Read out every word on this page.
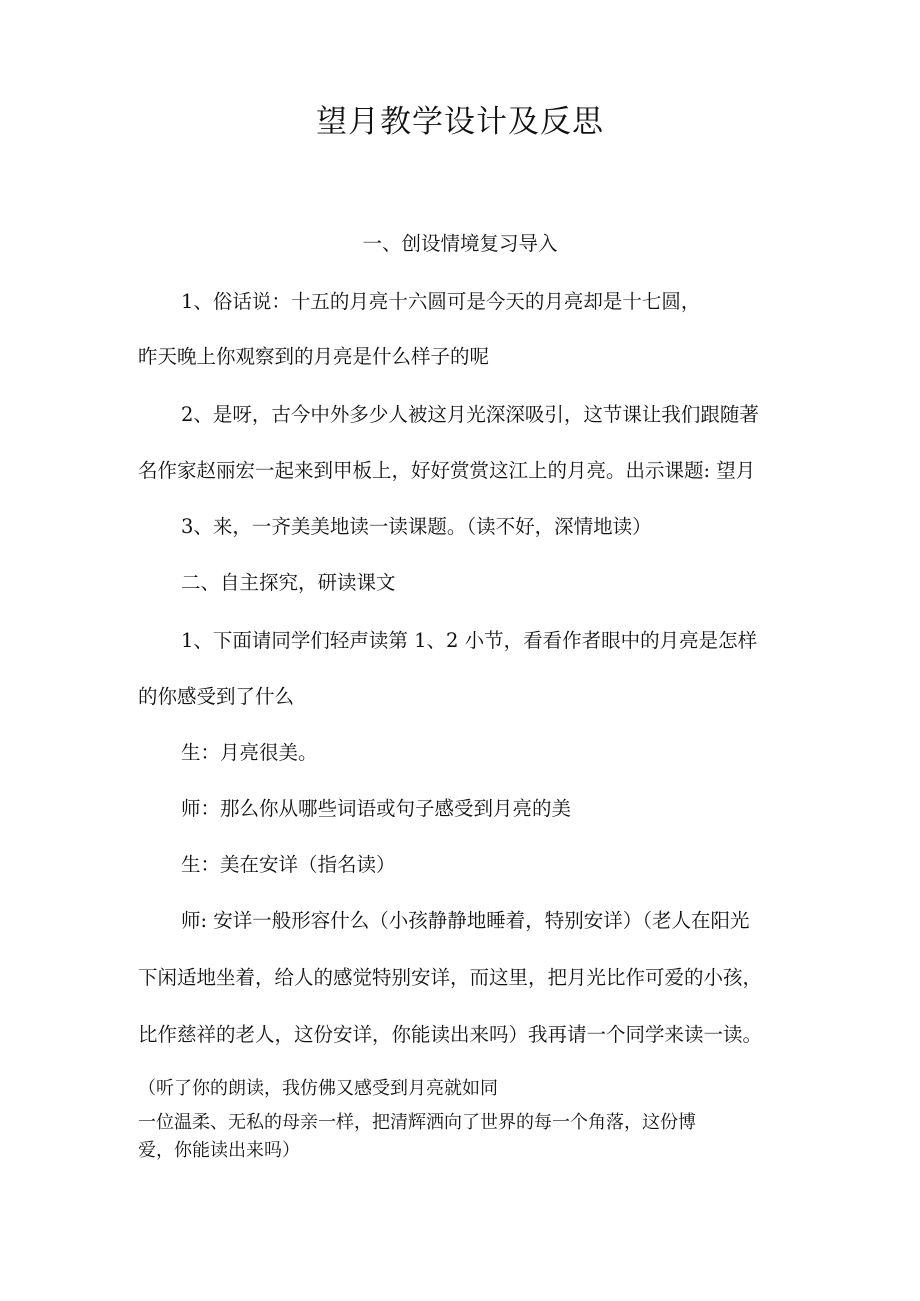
望月教学设计及反思

一、创设情境复习导入

1、俗话说：十五的月亮十六圆可是今天的月亮却是十七圆，

昨天晚上你观察到的月亮是什么样子的呢

2、是呀，古今中外多少人被这月光深深吸引，这节课让我们跟随著

名作家赵丽宏一起来到甲板上，好好赏赏这江上的月亮。出示课题: 望月

3、来，一齐美美地读一读课题。（读不好，深情地读）

二、自主探究，研读课文

1、下面请同学们轻声读第 1、2 小节，看看作者眼中的月亮是怎样

的你感受到了什么

生：月亮很美。

师：那么你从哪些词语或句子感受到月亮的美

生：美在安详（指名读）

师: 安详一般形容什么（小孩静静地睡着，特别安详）（老人在阳光

下闲适地坐着，给人的感觉特别安详，而这里，把月光比作可爱的小孩，

比作慈祥的老人，这份安详，你能读出来吗）我再请一个同学来读一读。

（听了你的朗读，我仿佛又感受到月亮就如同

一位温柔、无私的母亲一样，把清辉洒向了世界的每一个角落，这份博

爱，你能读出来吗）
